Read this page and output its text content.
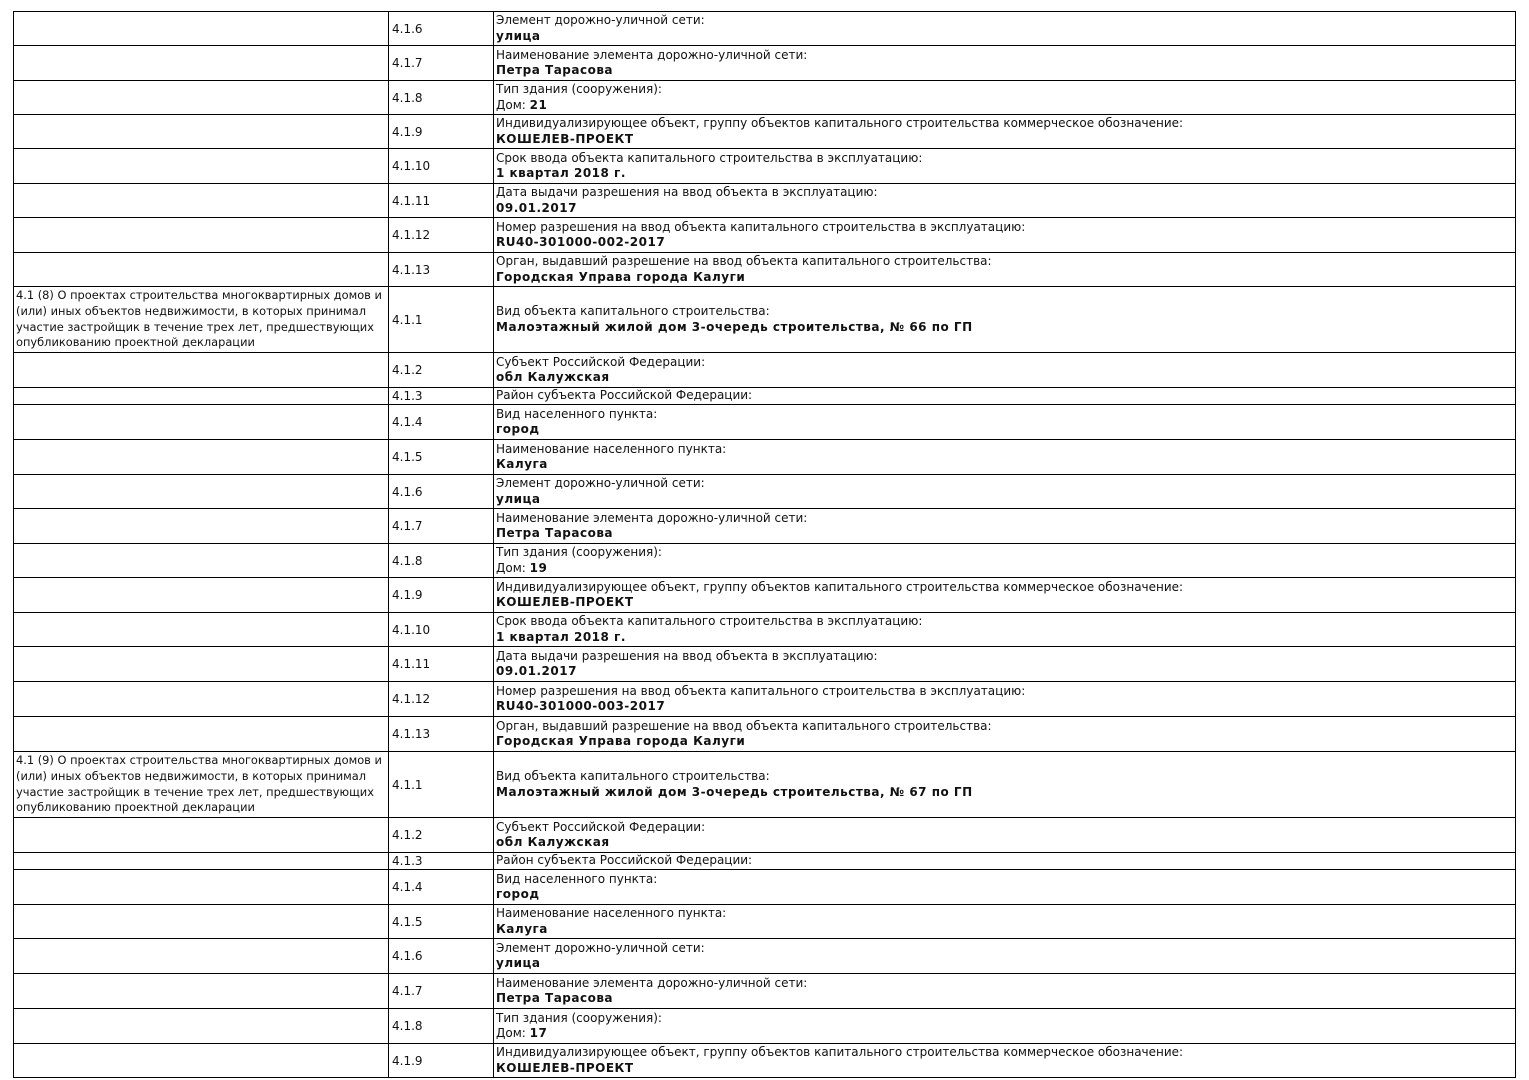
4.1.6
Элемент дорожно-уличной сети:
улица
4.1.7
Наименование элемента дорожно-уличной сети:
Петра Тарасова
4.1.8
Тип здания (сооружения):
Дом: 21
4.1.9
Индивидуализирующее объект, группу объектов капитального строительства коммерческое обозначение:
КОШЕЛЕВ-ПРОЕКТ
4.1.10
Срок ввода объекта капитального строительства в эксплуатацию:
1 квартал 2018 г.
4.1.11
Дата выдачи разрешения на ввод объекта в эксплуатацию:
09.01.2017
4.1.12
Номер разрешения на ввод объекта капитального строительства в эксплуатацию:
RU40-301000-002-2017
4.1.13
Орган, выдавший разрешение на ввод объекта капитального строительства:
Городская Управа города Калуги
4.1 (8) О проектах строительства многоквартирных домов и (или) иных объектов недвижимости, в которых принимал участие застройщик в течение трех лет, предшествующих опубликованию проектной декларации
4.1.1
Вид объекта капитального строительства:
Малоэтажный жилой дом 3-очередь строительства, № 66 по ГП
4.1.2
Субъект Российской Федерации:
обл Калужская
4.1.3	Район субъекта Российской Федерации:
4.1.4
Вид населенного пункта:
город
4.1.5
Наименование населенного пункта:
Калуга
4.1.6
Элемент дорожно-уличной сети:
улица
4.1.7
Наименование элемента дорожно-уличной сети:
Петра Тарасова
4.1.8
Тип здания (сооружения):
Дом: 19
4.1.9
Индивидуализирующее объект, группу объектов капитального строительства коммерческое обозначение:
КОШЕЛЕВ-ПРОЕКТ
4.1.10
Срок ввода объекта капитального строительства в эксплуатацию:
1 квартал 2018 г.
4.1.11
Дата выдачи разрешения на ввод объекта в эксплуатацию:
09.01.2017
4.1.12
Номер разрешения на ввод объекта капитального строительства в эксплуатацию:
RU40-301000-003-2017
4.1.13
Орган, выдавший разрешение на ввод объекта капитального строительства:
Городская Управа города Калуги
4.1 (9) О проектах строительства многоквартирных домов и (или) иных объектов недвижимости, в которых принимал участие застройщик в течение трех лет, предшествующих опубликованию проектной декларации
4.1.1
Вид объекта капитального строительства:
Малоэтажный жилой дом 3-очередь строительства, № 67 по ГП
4.1.2
Субъект Российской Федерации:
обл Калужская
4.1.3	Район субъекта Российской Федерации:
4.1.4
Вид населенного пункта:
город
4.1.5
Наименование населенного пункта:
Калуга
4.1.6
Элемент дорожно-уличной сети:
улица
4.1.7
Наименование элемента дорожно-уличной сети:
Петра Тарасова
4.1.8
Тип здания (сооружения):
Дом: 17
4.1.9
Индивидуализирующее объект, группу объектов капитального строительства коммерческое обозначение:
КОШЕЛЕВ-ПРОЕКТ
